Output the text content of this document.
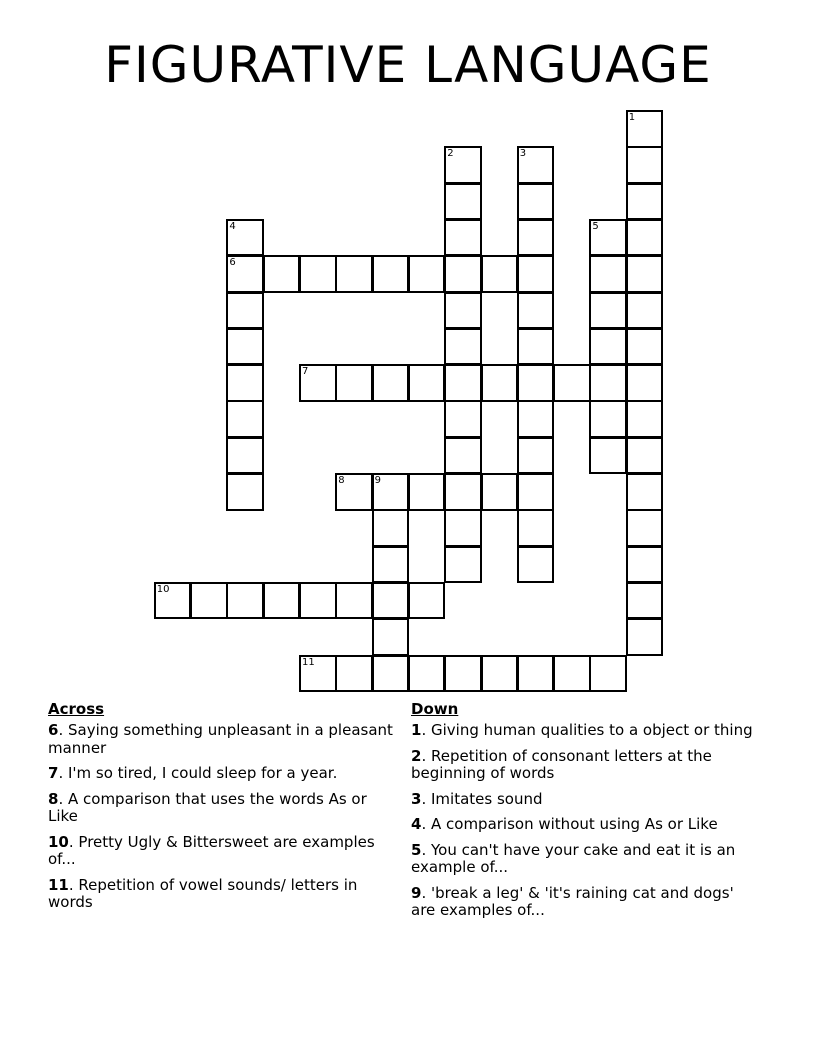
FIGURATIVE LANGUAGE
1
2	3
4
6
5
7
8	9
10
11
Across
6. Saying something unpleasant in a pleasant manner
7. I'm so tired, I could sleep for a year.
8. A comparison that uses the words As or Like
10. Pretty Ugly & Bittersweet are examples of...
11. Repetition of vowel sounds/ letters in words
Down
1. Giving human qualities to a object or thing
2. Repetition of consonant letters at the beginning of words
3. Imitates sound
4. A comparison without using As or Like
5. You can't have your cake and eat it is an example of...
9. 'break a leg' & 'it's raining cat and dogs' are examples of...
